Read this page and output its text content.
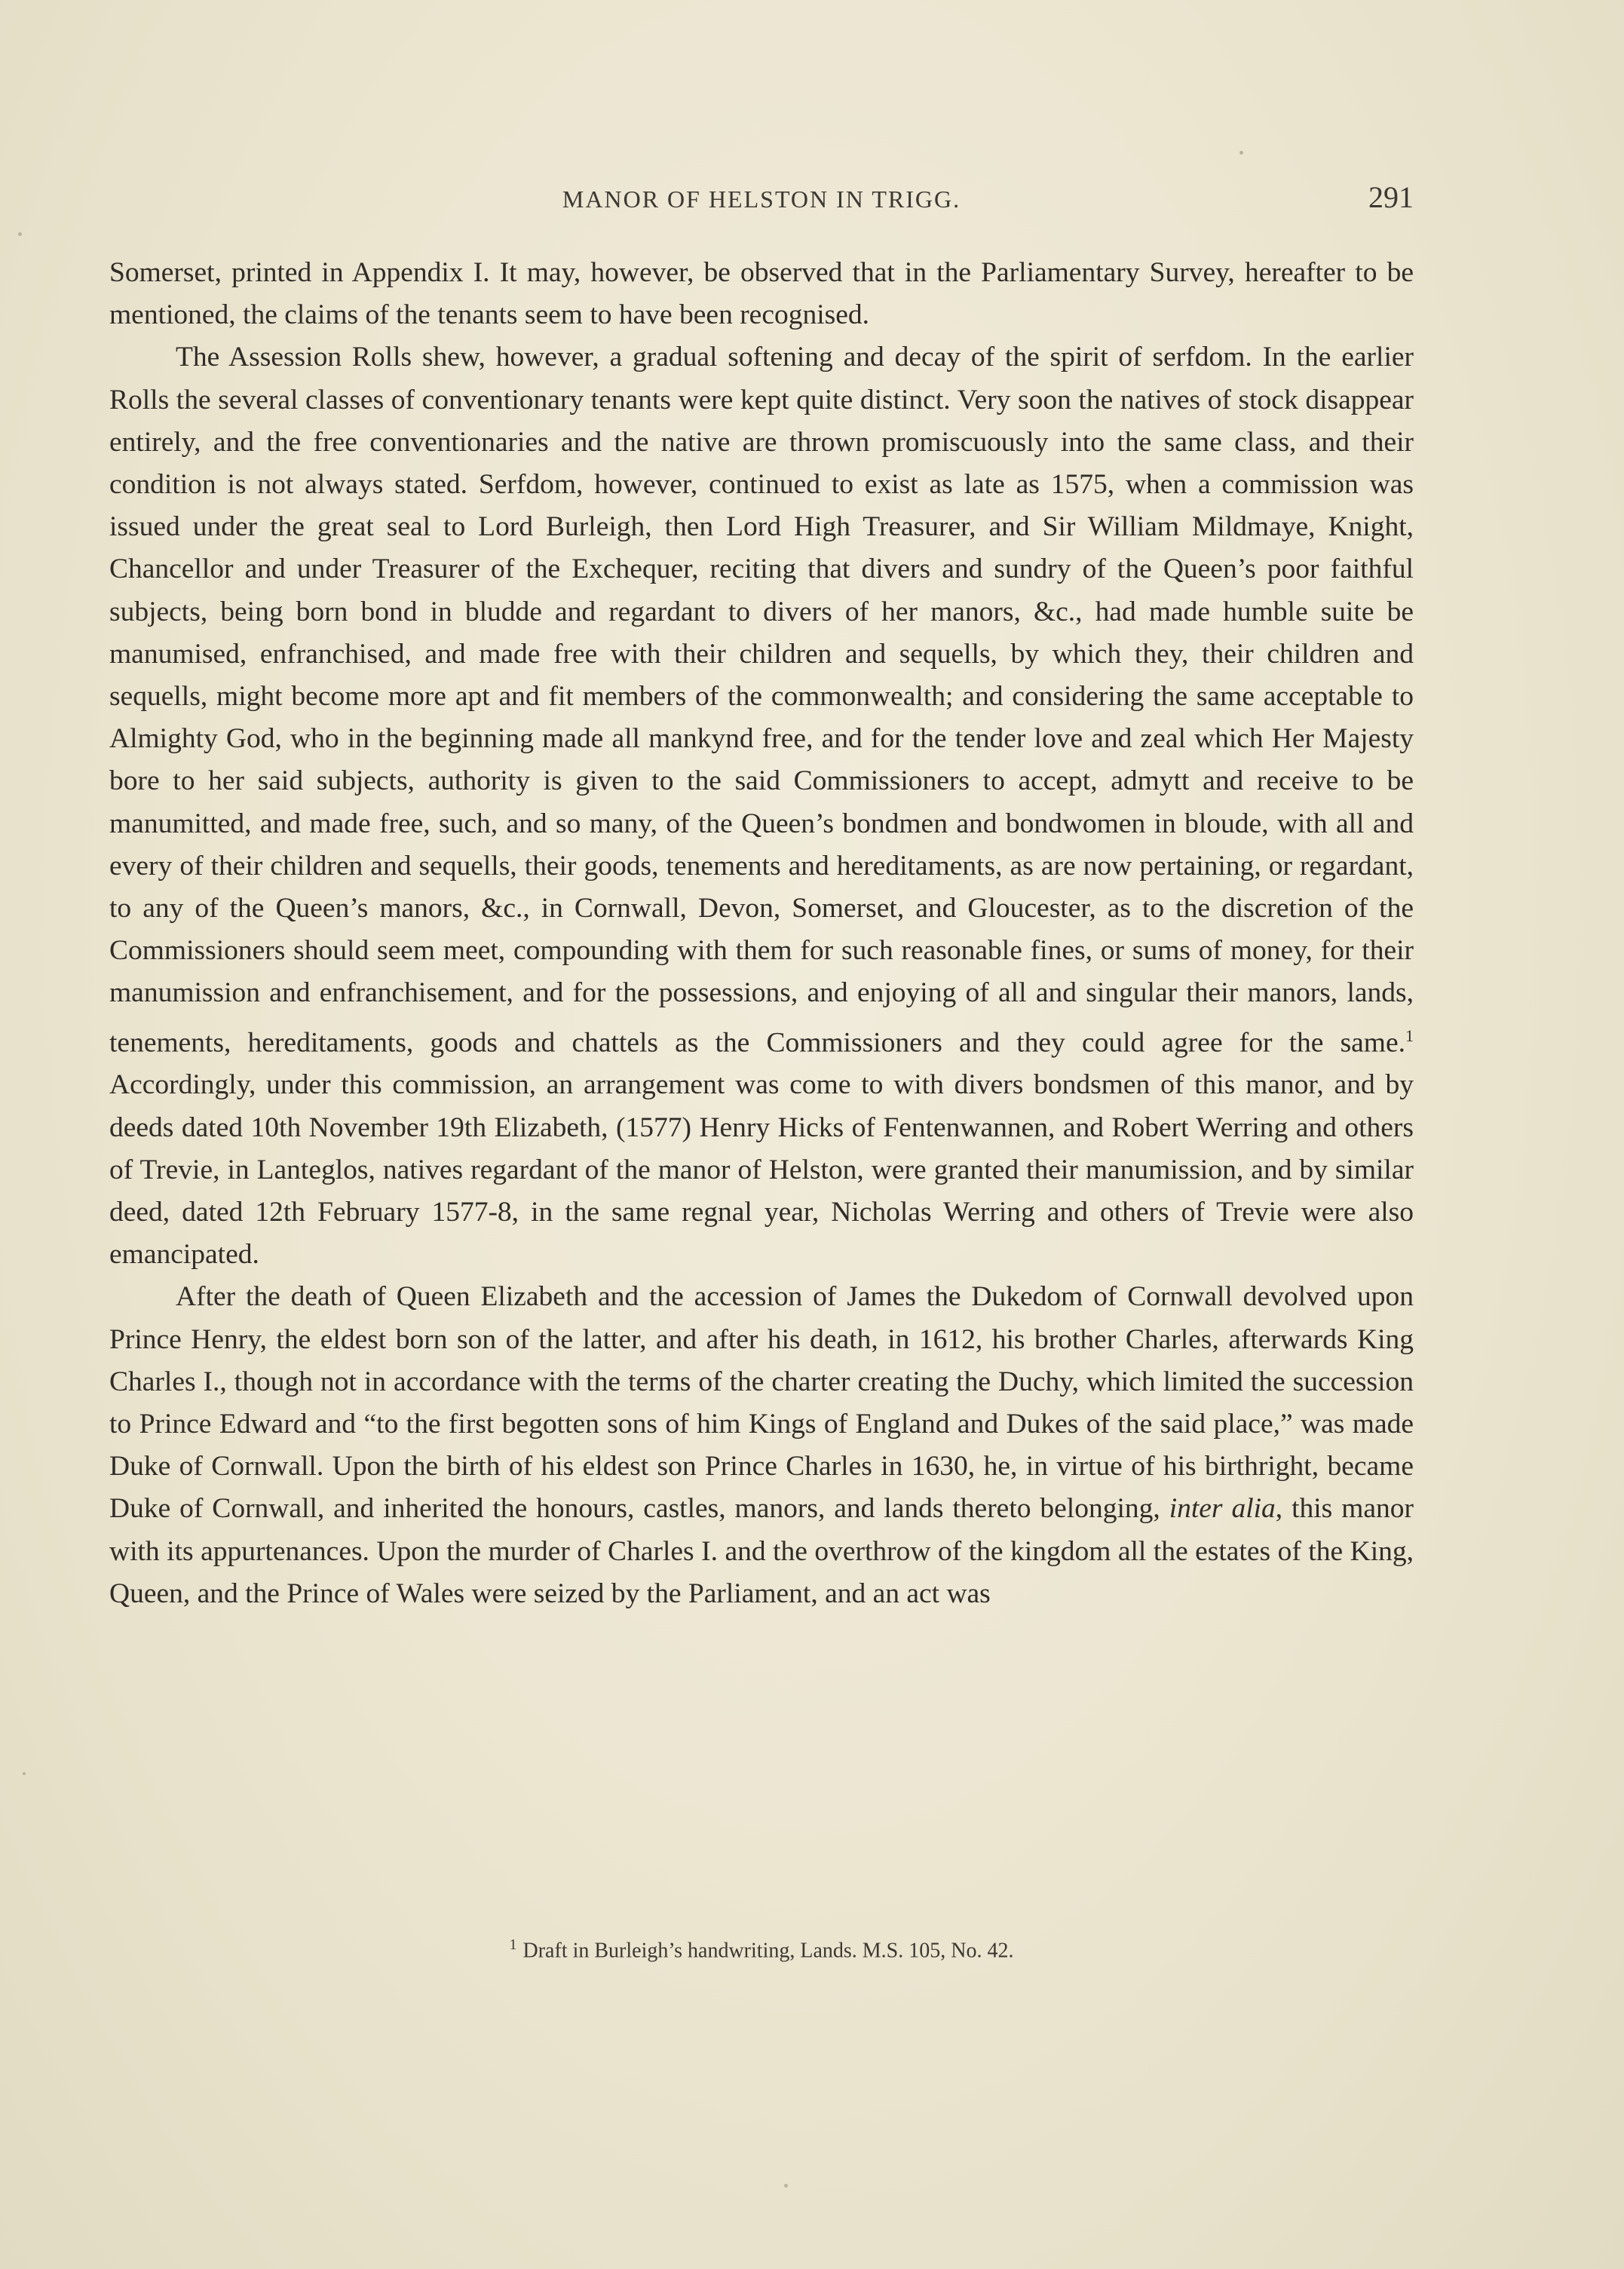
MANOR OF HELSTON IN TRIGG.	291

Somerset, printed in Appendix I. It may, however, be observed that in the Parliamentary Survey, hereafter to be mentioned, the claims of the tenants seem to have been recognised.

The Assession Rolls shew, however, a gradual softening and decay of the spirit of serfdom. In the earlier Rolls the several classes of conventionary tenants were kept quite distinct. Very soon the natives of stock disappear entirely, and the free conventionaries and the native are thrown promiscuously into the same class, and their condition is not always stated. Serfdom, however, continued to exist as late as 1575, when a commission was issued under the great seal to Lord Burleigh, then Lord High Treasurer, and Sir William Mildmaye, Knight, Chancellor and under Treasurer of the Exchequer, reciting that divers and sundry of the Queen’s poor faithful subjects, being born bond in bludde and regardant to divers of her manors, &c., had made humble suite be manumised, enfranchised, and made free with their children and sequells, by which they, their children and sequells, might become more apt and fit members of the commonwealth; and considering the same acceptable to Almighty God, who in the beginning made all mankynd free, and for the tender love and zeal which Her Majesty bore to her said subjects, authority is given to the said Commissioners to accept, admytt and receive to be manumitted, and made free, such, and so many, of the Queen’s bondmen and bondwomen in bloude, with all and every of their children and sequells, their goods, tenements and hereditaments, as are now pertaining, or regardant, to any of the Queen’s manors, &c., in Cornwall, Devon, Somerset, and Gloucester, as to the discretion of the Commissioners should seem meet, compounding with them for such reasonable fines, or sums of money, for their manumission and enfranchisement, and for the possessions, and enjoying of all and singular their manors, lands, tenements, hereditaments, goods and chattels as the Commissioners and they could agree for the same.$^1$ Accordingly, under this commission, an arrangement was come to with divers bondsmen of this manor, and by deeds dated 10th November 19th Elizabeth, (1577) Henry Hicks of Fentenwannen, and Robert Werring and others of Trevie, in Lanteglos, natives regardant of the manor of Helston, were granted their manumission, and by similar deed, dated 12th February 1577-8, in the same regnal year, Nicholas Werring and others of Trevie were also emancipated.

After the death of Queen Elizabeth and the accession of James the Dukedom of Cornwall devolved upon Prince Henry, the eldest born son of the latter, and after his death, in 1612, his brother Charles, afterwards King Charles I., though not in accordance with the terms of the charter creating the Duchy, which limited the succession to Prince Edward and “to the first begotten sons of him Kings of England and Dukes of the said place,” was made Duke of Cornwall. Upon the birth of his eldest son Prince Charles in 1630, he, in virtue of his birthright, became Duke of Cornwall, and inherited the honours, castles, manors, and lands thereto belonging, inter alia, this manor with its appurtenances. Upon the murder of Charles I. and the overthrow of the kingdom all the estates of the King, Queen, and the Prince of Wales were seized by the Parliament, and an act was

$^1$ Draft in Burleigh’s handwriting, Lands. M.S. 105, No. 42.
